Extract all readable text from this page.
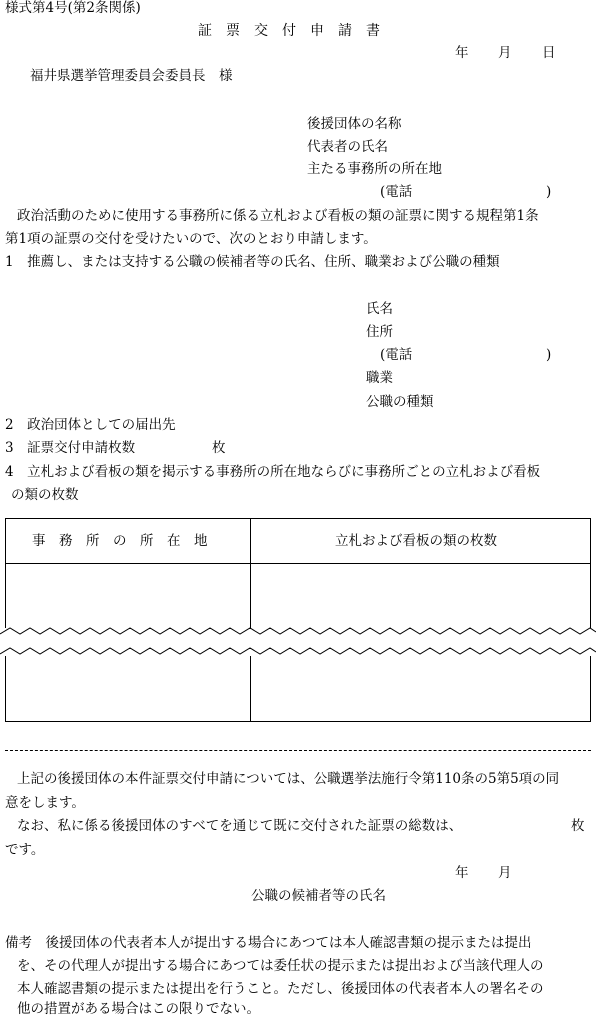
様式第4号(第2条関係)
証　票　交　付　申　請　書
年 月 日
福井県選挙管理委員会委員長　様
後援団体の名称
代表者の氏名
主たる事務所の所在地
(電話	)
政治活動のために使用する事務所に係る立札および看板の類の証票に関する規程第1条
第1項の証票の交付を受けたいので、次のとおり申請します。
1　推薦し、または支持する公職の候補者等の氏名、住所、職業および公職の種類
氏名
住所
(電話	)
職業
公職の種類
2　政治団体としての届出先
3　証票交付申請枚数	枚
4　立札および看板の類を掲示する事務所の所在地ならびに事務所ごとの立札および看板
の類の枚数
事　務　所　の　所　在　地	立札および看板の類の枚数
上記の後援団体の本件証票交付申請については、公職選挙法施行令第110条の5第5項の同
意をします。
なお、私に係る後援団体のすべてを通じて既に交付された証票の総数は、	枚
です。
年 月
公職の候補者等の氏名
備考　後援団体の代表者本人が提出する場合にあつては本人確認書類の提示または提出
を、その代理人が提出する場合にあつては委任状の提示または提出および当該代理人の
本人確認書類の提示または提出を行うこと。ただし、後援団体の代表者本人の署名その
他の措置がある場合はこの限りでない。
